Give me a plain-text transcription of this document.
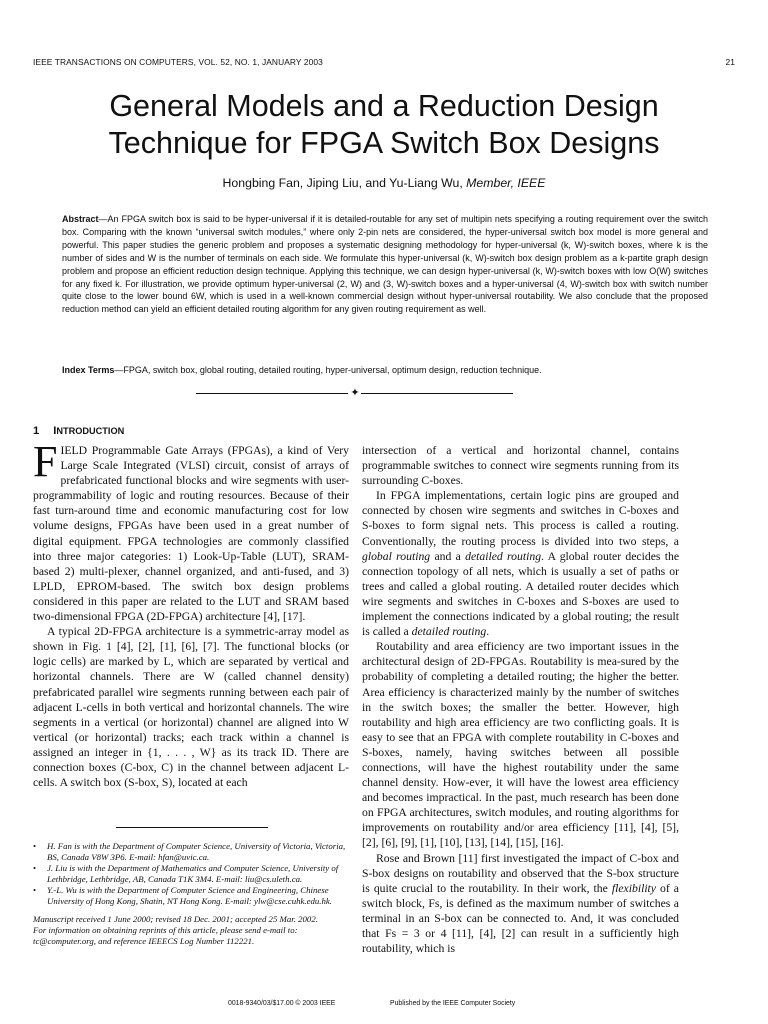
IEEE TRANSACTIONS ON COMPUTERS, VOL. 52, NO. 1, JANUARY 2003	21
General Models and a Reduction Design
Technique for FPGA Switch Box Designs
Hongbing Fan, Jiping Liu, and Yu-Liang Wu, Member, IEEE
Abstract—An FPGA switch box is said to be hyper-universal if it is detailed-routable for any set of multipin nets specifying a routing requirement over the switch box. Comparing with the known “universal switch modules,” where only 2-pin nets are considered, the hyper-universal switch box model is more general and powerful. This paper studies the generic problem and proposes a systematic designing methodology for hyper-universal (k, W)-switch boxes, where k is the number of sides and W is the number of terminals on each side. We formulate this hyper-universal (k, W)-switch box design problem as a k-partite graph design problem and propose an efficient reduction design technique. Applying this technique, we can design hyper-universal (k, W)-switch boxes with low O(W) switches for any fixed k. For illustration, we provide optimum hyper-universal (2, W) and (3, W)-switch boxes and a hyper-universal (4, W)-switch box with switch number quite close to the lower bound 6W, which is used in a well-known commercial design without hyper-universal routability. We also conclude that the proposed reduction method can yield an efficient detailed routing algorithm for any given routing requirement as well.
Index Terms—FPGA, switch box, global routing, detailed routing, hyper-universal, optimum design, reduction technique.
✦
1 INTRODUCTION

FIELD Programmable Gate Arrays (FPGAs), a kind of Very Large Scale Integrated (VLSI) circuit, consist of arrays of prefabricated functional blocks and wire segments with user-programmability of logic and routing resources. Because of their fast turn-around time and economic manufacturing cost for low volume designs, FPGAs have been used in a great number of digital equipment. FPGA technologies are commonly classified into three major categories: 1) Look-Up-Table (LUT), SRAM-based 2) multi-plexer, channel organized, and anti-fused, and 3) LPLD, EPROM-based. The switch box design problems considered in this paper are related to the LUT and SRAM based two-dimensional FPGA (2D-FPGA) architecture [4], [17].

A typical 2D-FPGA architecture is a symmetric-array model as shown in Fig. 1 [4], [2], [1], [6], [7]. The functional blocks (or logic cells) are marked by L, which are separated by vertical and horizontal channels. There are W (called channel density) prefabricated parallel wire segments running between each pair of adjacent L-cells in both vertical and horizontal channels. The wire segments in a vertical (or horizontal) channel are aligned into W vertical (or horizontal) tracks; each track within a channel is assigned an integer in {1, . . . , W} as its track ID. There are connection boxes (C-box, C) in the channel between adjacent L-cells. A switch box (S-box, S), located at each

intersection of a vertical and horizontal channel, contains programmable switches to connect wire segments running from its surrounding C-boxes.

In FPGA implementations, certain logic pins are grouped and connected by chosen wire segments and switches in C-boxes and S-boxes to form signal nets. This process is called a routing. Conventionally, the routing process is divided into two steps, a global routing and a detailed routing. A global router decides the connection topology of all nets, which is usually a set of paths or trees and called a global routing. A detailed router decides which wire segments and switches in C-boxes and S-boxes are used to implement the connections indicated by a global routing; the result is called a detailed routing.

Routability and area efficiency are two important issues in the architectural design of 2D-FPGAs. Routability is mea-sured by the probability of completing a detailed routing; the higher the better. Area efficiency is characterized mainly by the number of switches in the switch boxes; the smaller the better. However, high routability and high area efficiency are two conflicting goals. It is easy to see that an FPGA with complete routability in C-boxes and S-boxes, namely, having switches between all possible connections, will have the highest routability under the same channel density. How-ever, it will have the lowest area efficiency and becomes impractical. In the past, much research has been done on FPGA architectures, switch modules, and routing algorithms for improvements on routability and/or area efficiency [11], [4], [5], [2], [6], [9], [1], [10], [13], [14], [15], [16].

Rose and Brown [11] first investigated the impact of C-box and S-box designs on routability and observed that the S-box structure is quite crucial to the routability. In their work, the flexibility of a switch block, Fs, is defined as the maximum number of switches a terminal in an S-box can be connected to. And, it was concluded that Fs = 3 or 4 [11], [4], [2] can result in a sufficiently high routability, which is

• H. Fan is with the Department of Computer Science, University of Victoria, Victoria, BS, Canada V8W 3P6. E-mail: hfan@uvic.ca.
• J. Liu is with the Department of Mathematics and Computer Science, University of Lethbridge, Lethbridge, AB, Canada T1K 3M4. E-mail: liu@cs.uleth.ca.
• Y.-L. Wu is with the Department of Computer Science and Engineering, Chinese University of Hong Kong, Shatin, NT Hong Kong. E-mail: ylw@cse.cuhk.edu.hk.

Manuscript received 1 June 2000; revised 18 Dec. 2001; accepted 25 Mar. 2002.

For information on obtaining reprints of this article, please send e-mail to: tc@computer.org, and reference IEEECS Log Number 112221.

0018-9340/03/$17.00 © 2003 IEEE	Published by the IEEE Computer Society
